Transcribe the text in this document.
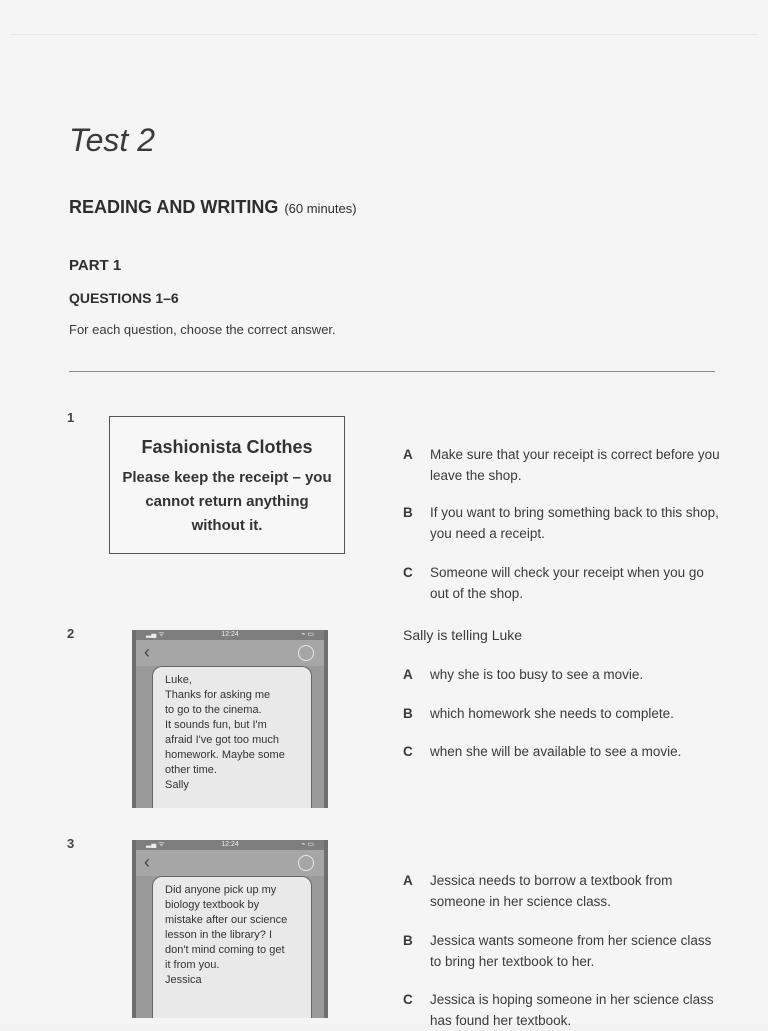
Test 2
READING AND WRITING (60 minutes)
PART 1
QUESTIONS 1–6
For each question, choose the correct answer.
1
Fashionista Clothes
Please keep the receipt – you cannot return anything without it.
A	Make sure that your receipt is correct before you leave the shop.
B	If you want to bring something back to this shop, you need a receipt.
C	Someone will check your receipt when you go out of the shop.
2	▂▄ ᯤ	12:24	⌁ ▭
‹
Luke,
Thanks for asking me
to go to the cinema.
It sounds fun, but I'm
afraid I've got too much
homework. Maybe some
other time.
Sally
Sally is telling Luke
A	why she is too busy to see a movie.
B	which homework she needs to complete.
C	when she will be available to see a movie.
3	▂▄ ᯤ	12:24	⌁ ▭
‹
Did anyone pick up my
biology textbook by
mistake after our science
lesson in the library? I
don't mind coming to get
it from you.
Jessica
A	Jessica needs to borrow a textbook from someone in her science class.
B	Jessica wants someone from her science class to bring her textbook to her.
C	Jessica is hoping someone in her science class has found her textbook.
